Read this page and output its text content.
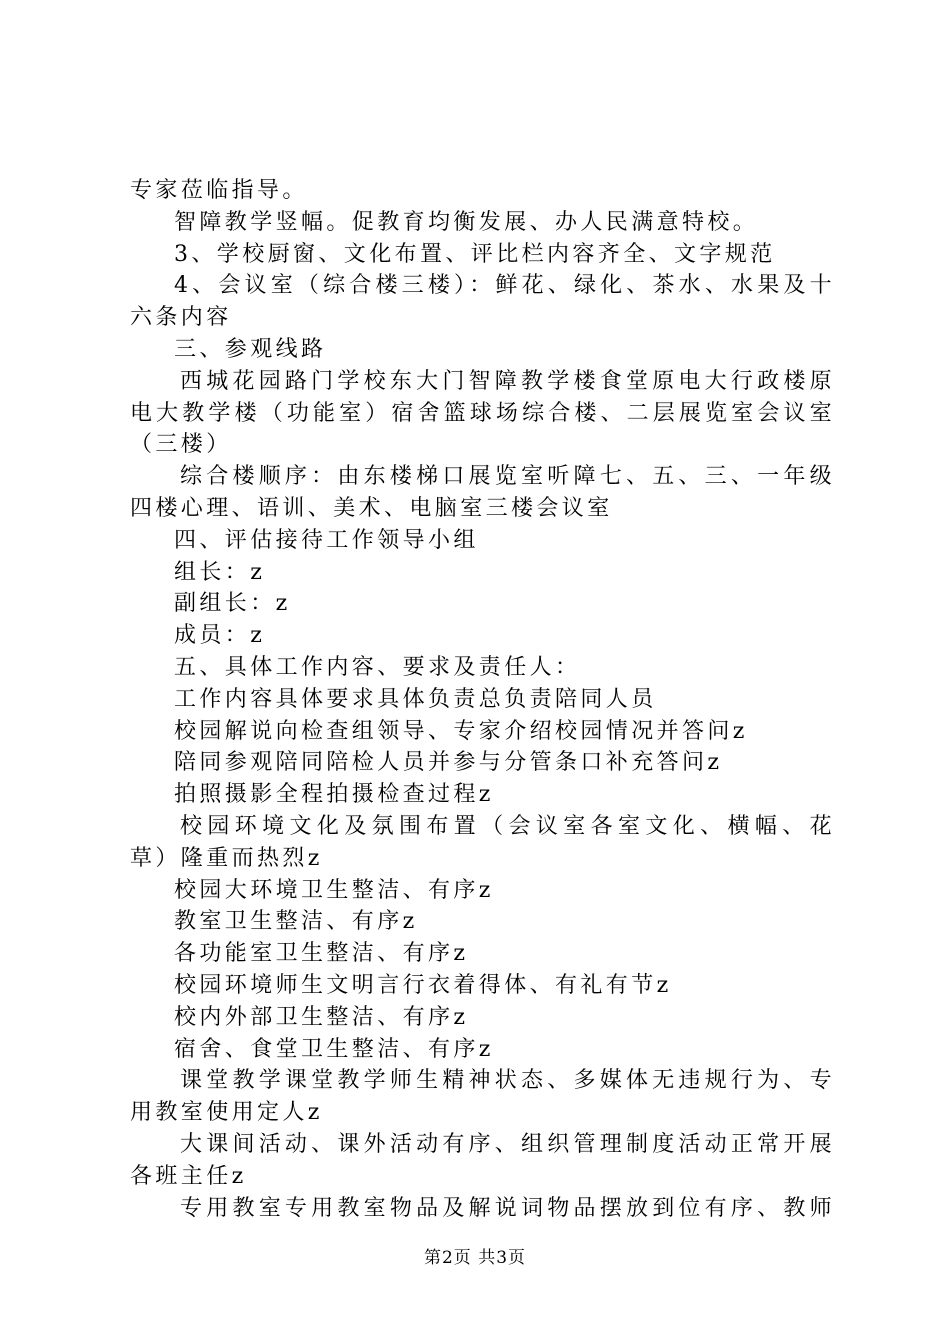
专家莅临指导。
智障教学竖幅。促教育均衡发展、办人民满意特校。
3、学校厨窗、文化布置、评比栏内容齐全、文字规范
4、会议室（综合楼三楼）：鲜花、绿化、茶水、水果及十
六条内容
三、参观线路
西城花园路门学校东大门智障教学楼食堂原电大行政楼原
电大教学楼（功能室）宿舍篮球场综合楼、二层展览室会议室
（三楼）
综合楼顺序：由东楼梯口展览室听障七、五、三、一年级
四楼心理、语训、美术、电脑室三楼会议室
四、评估接待工作领导小组
组长：z
副组长：z
成员：z
五、具体工作内容、要求及责任人：
工作内容具体要求具体负责总负责陪同人员
校园解说向检查组领导、专家介绍校园情况并答问z
陪同参观陪同陪检人员并参与分管条口补充答问z
拍照摄影全程拍摄检查过程z
校园环境文化及氛围布置（会议室各室文化、横幅、花
草）隆重而热烈z
校园大环境卫生整洁、有序z
教室卫生整洁、有序z
各功能室卫生整洁、有序z
校园环境师生文明言行衣着得体、有礼有节z
校内外部卫生整洁、有序z
宿舍、食堂卫生整洁、有序z
课堂教学课堂教学师生精神状态、多媒体无违规行为、专
用教室使用定人z
大课间活动、课外活动有序、组织管理制度活动正常开展
各班主任z
专用教室专用教室物品及解说词物品摆放到位有序、教师
第2页 共3页
